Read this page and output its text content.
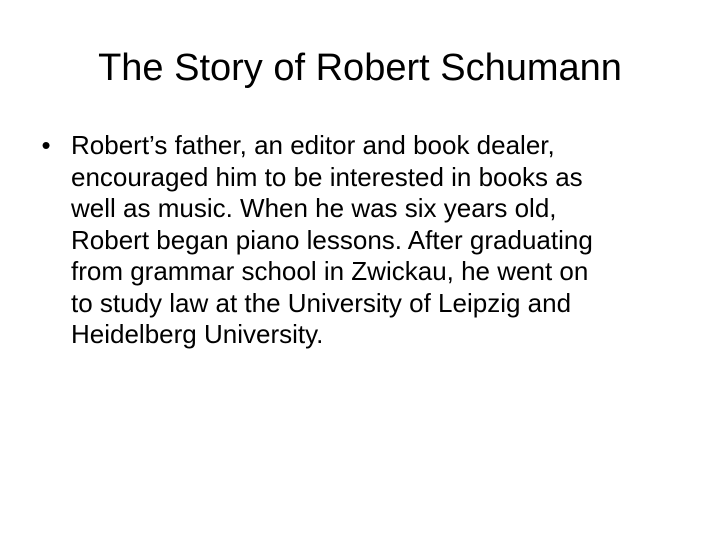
The Story of Robert Schumann
• Robert’s father, an editor and book dealer,
encouraged him to be interested in books as
well as music. When he was six years old,
Robert began piano lessons. After graduating
from grammar school in Zwickau, he went on
to study law at the University of Leipzig and
Heidelberg University.
